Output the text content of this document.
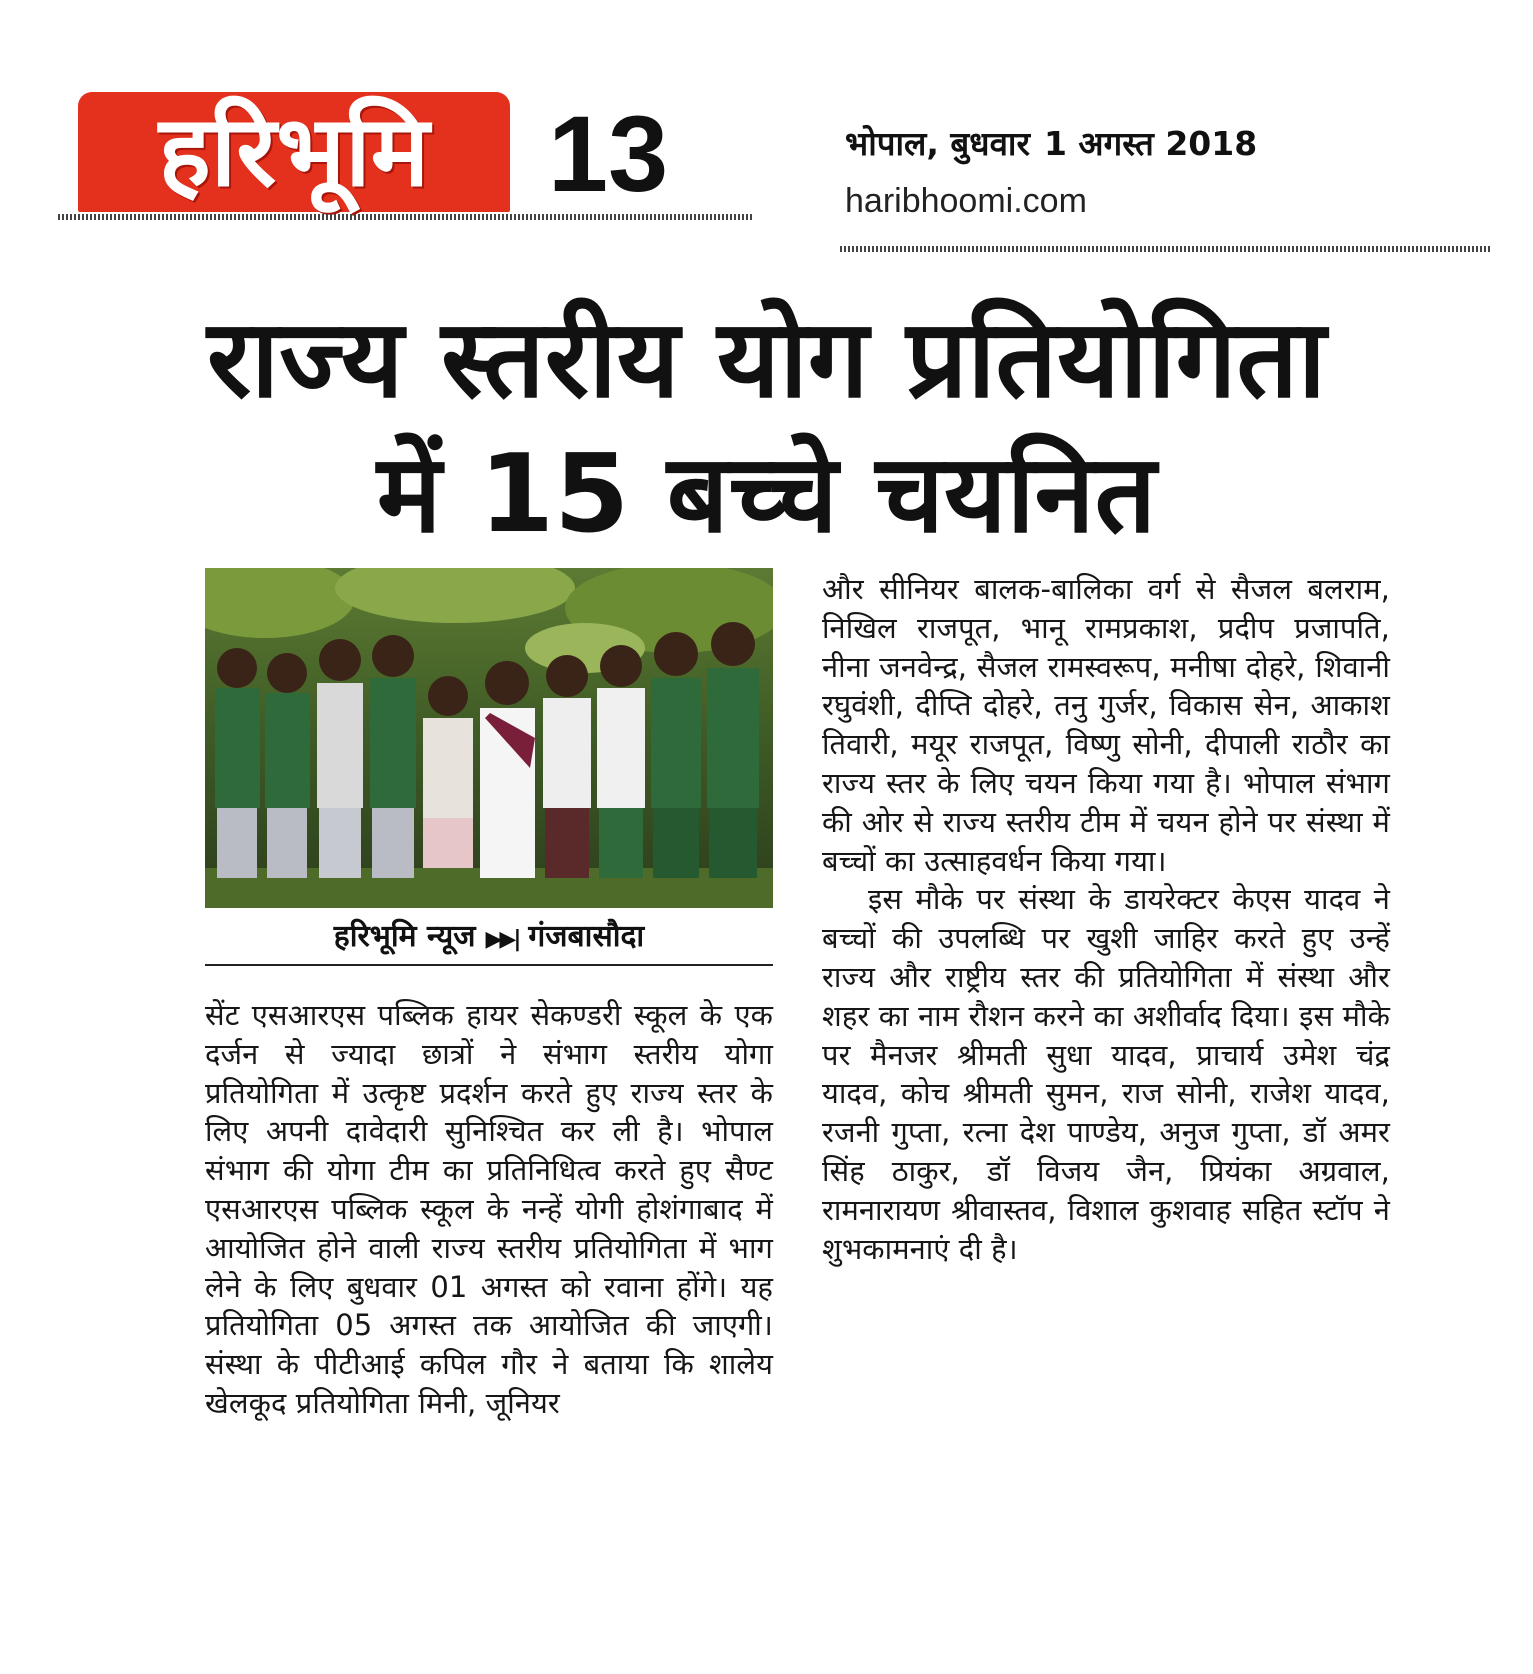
हरिभूमि 13	भोपाल, बुधवार 1 अगस्त 2018
haribhoomi.com
राज्य स्तरीय योग प्रतियोगिता
में 15 बच्चे चयनित
हरिभूमि न्यूज ▶▶| गंजबासौदा

सेंट एसआरएस पब्लिक हायर सेकण्डरी स्कूल के एक दर्जन से ज्यादा छात्रों ने संभाग स्तरीय योगा प्रतियोगिता में उत्कृष्ट प्रदर्शन करते हुए राज्य स्तर के लिए अपनी दावेदारी सुनिश्चित कर ली है। भोपाल संभाग की योगा टीम का प्रतिनिधित्व करते हुए सैण्ट एसआरएस पब्लिक स्कूल के नन्हें योगी होशंगाबाद में आयोजित होने वाली राज्य स्तरीय प्रतियोगिता में भाग लेने के लिए बुधवार 01 अगस्त को रवाना होंगे। यह प्रतियोगिता 05 अगस्त तक आयोजित की जाएगी। संस्था के पीटीआई कपिल गौर ने बताया कि शालेय खेलकूद प्रतियोगिता मिनी, जूनियर

और सीनियर बालक-बालिका वर्ग से सैजल बलराम, निखिल राजपूत, भानू रामप्रकाश, प्रदीप प्रजापति, नीना जनवेन्द्र, सैजल रामस्वरूप, मनीषा दोहरे, शिवानी रघुवंशी, दीप्ति दोहरे, तनु गुर्जर, विकास सेन, आकाश तिवारी, मयूर राजपूत, विष्णु सोनी, दीपाली राठौर का राज्य स्तर के लिए चयन किया गया है। भोपाल संभाग की ओर से राज्य स्तरीय टीम में चयन होने पर संस्था में बच्चों का उत्साहवर्धन किया गया।

इस मौके पर संस्था के डायरेक्टर केएस यादव ने बच्चों की उपलब्धि पर खुशी जाहिर करते हुए उन्हें राज्य और राष्ट्रीय स्तर की प्रतियोगिता में संस्था और शहर का नाम रौशन करने का अशीर्वाद दिया। इस मौके पर मैनजर श्रीमती सुधा यादव, प्राचार्य उमेश चंद्र यादव, कोच श्रीमती सुमन, राज सोनी, राजेश यादव, रजनी गुप्ता, रत्ना देश पाण्डेय, अनुज गुप्ता, डॉ अमर सिंह ठाकुर, डॉ विजय जैन, प्रियंका अग्रवाल, रामनारायण श्रीवास्तव, विशाल कुशवाह सहित स्टॉप ने शुभकामनाएं दी है।
